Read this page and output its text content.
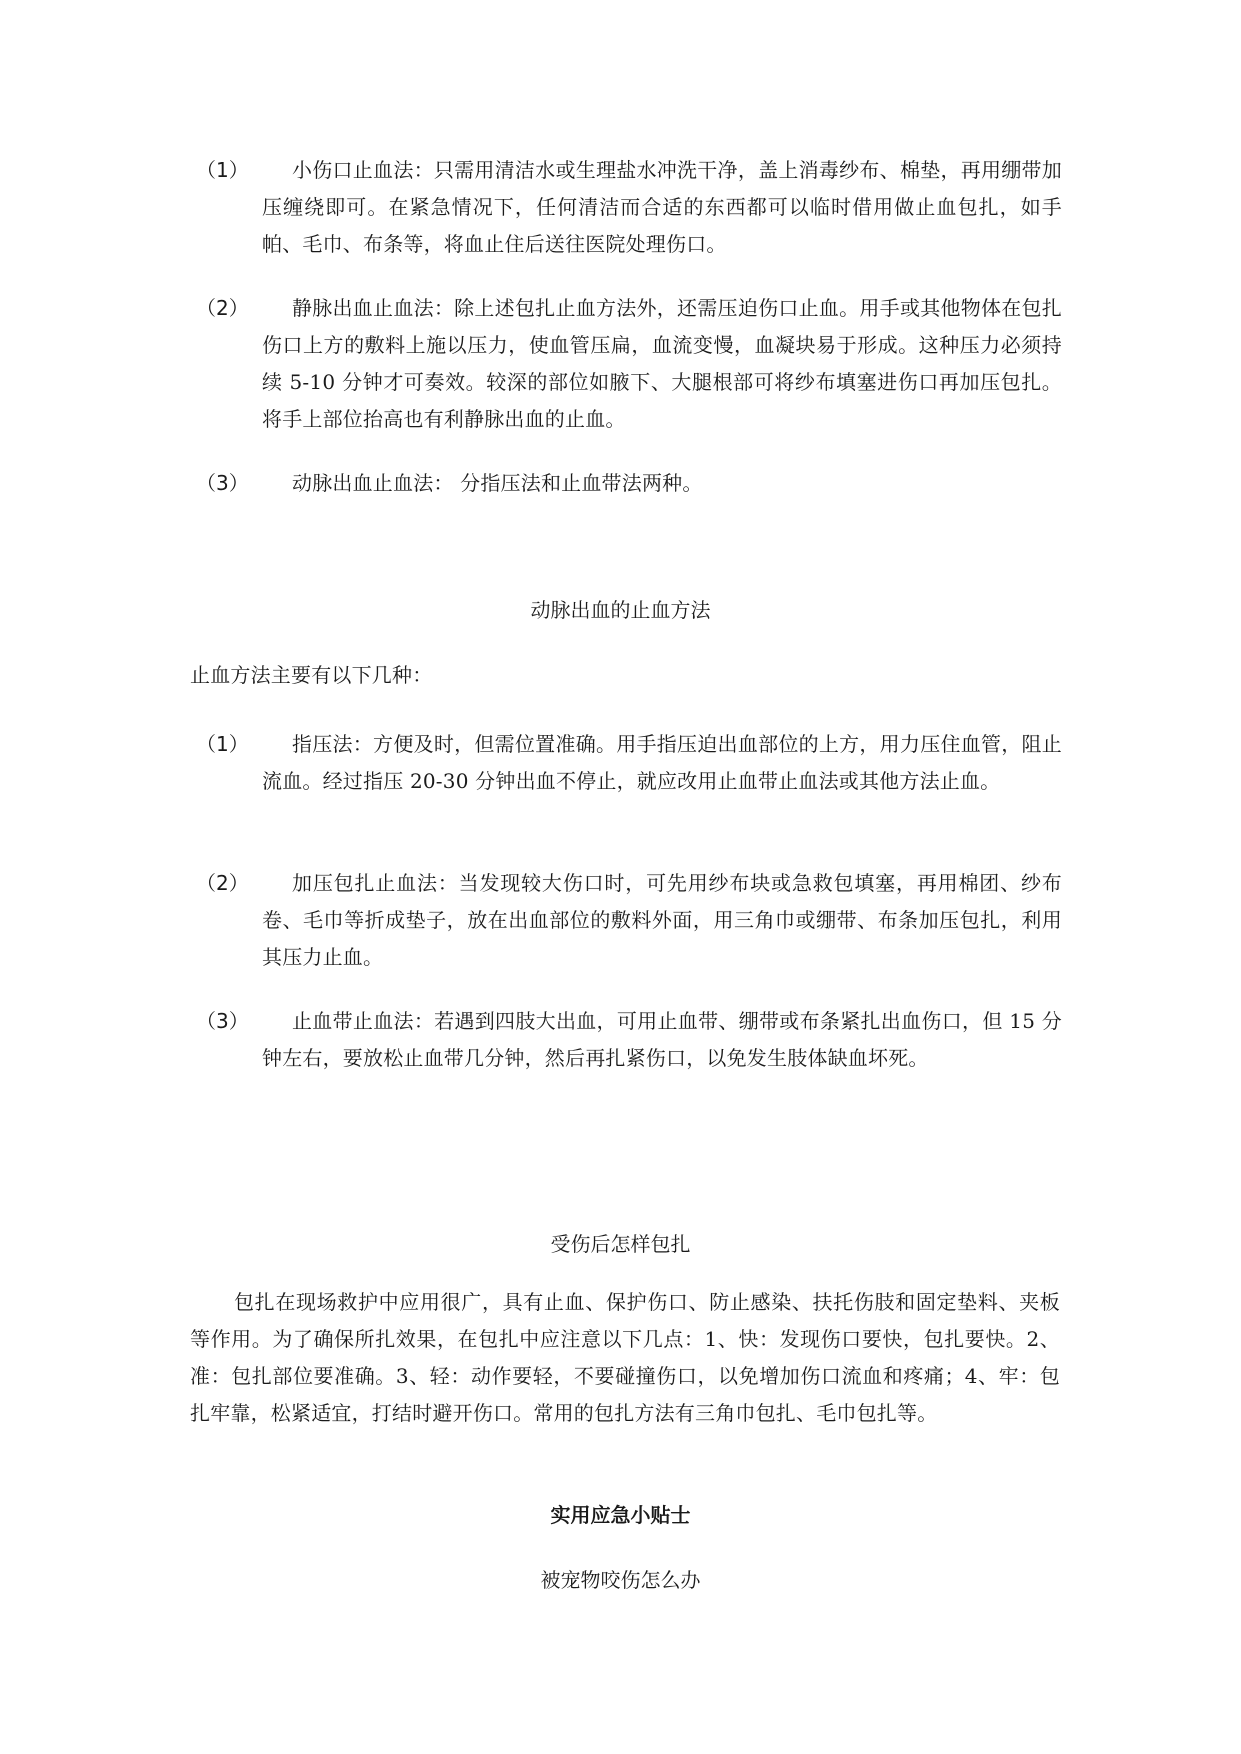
（1）	小伤口止血法：只需用清洁水或生理盐水冲洗干净，盖上消毒纱布、棉垫，再用绷带加压缠绕即可。在紧急情况下，任何清洁而合适的东西都可以临时借用做止血包扎，如手帕、毛巾、布条等，将血止住后送往医院处理伤口。
（2）	静脉出血止血法：除上述包扎止血方法外，还需压迫伤口止血。用手或其他物体在包扎伤口上方的敷料上施以压力，使血管压扁，血流变慢，血凝块易于形成。这种压力必须持续 5-10 分钟才可奏效。较深的部位如腋下、大腿根部可将纱布填塞进伤口再加压包扎。将手上部位抬高也有利静脉出血的止血。
（3）	动脉出血止血法： 分指压法和止血带法两种。
动脉出血的止血方法
止血方法主要有以下几种：
（1）	指压法：方便及时，但需位置准确。用手指压迫出血部位的上方，用力压住血管，阻止流血。经过指压 20-30 分钟出血不停止，就应改用止血带止血法或其他方法止血。
（2）	加压包扎止血法：当发现较大伤口时，可先用纱布块或急救包填塞，再用棉团、纱布卷、毛巾等折成垫子，放在出血部位的敷料外面，用三角巾或绷带、布条加压包扎，利用其压力止血。
（3）	止血带止血法：若遇到四肢大出血，可用止血带、绷带或布条紧扎出血伤口，但 15 分钟左右，要放松止血带几分钟，然后再扎紧伤口，以免发生肢体缺血坏死。
受伤后怎样包扎
包扎在现场救护中应用很广，具有止血、保护伤口、防止感染、扶托伤肢和固定垫料、夹板等作用。为了确保所扎效果，在包扎中应注意以下几点：1、快：发现伤口要快，包扎要快。2、准：包扎部位要准确。3、轻：动作要轻，不要碰撞伤口，以免增加伤口流血和疼痛；4、牢：包扎牢靠，松紧适宜，打结时避开伤口。常用的包扎方法有三角巾包扎、毛巾包扎等。
实用应急小贴士
被宠物咬伤怎么办
